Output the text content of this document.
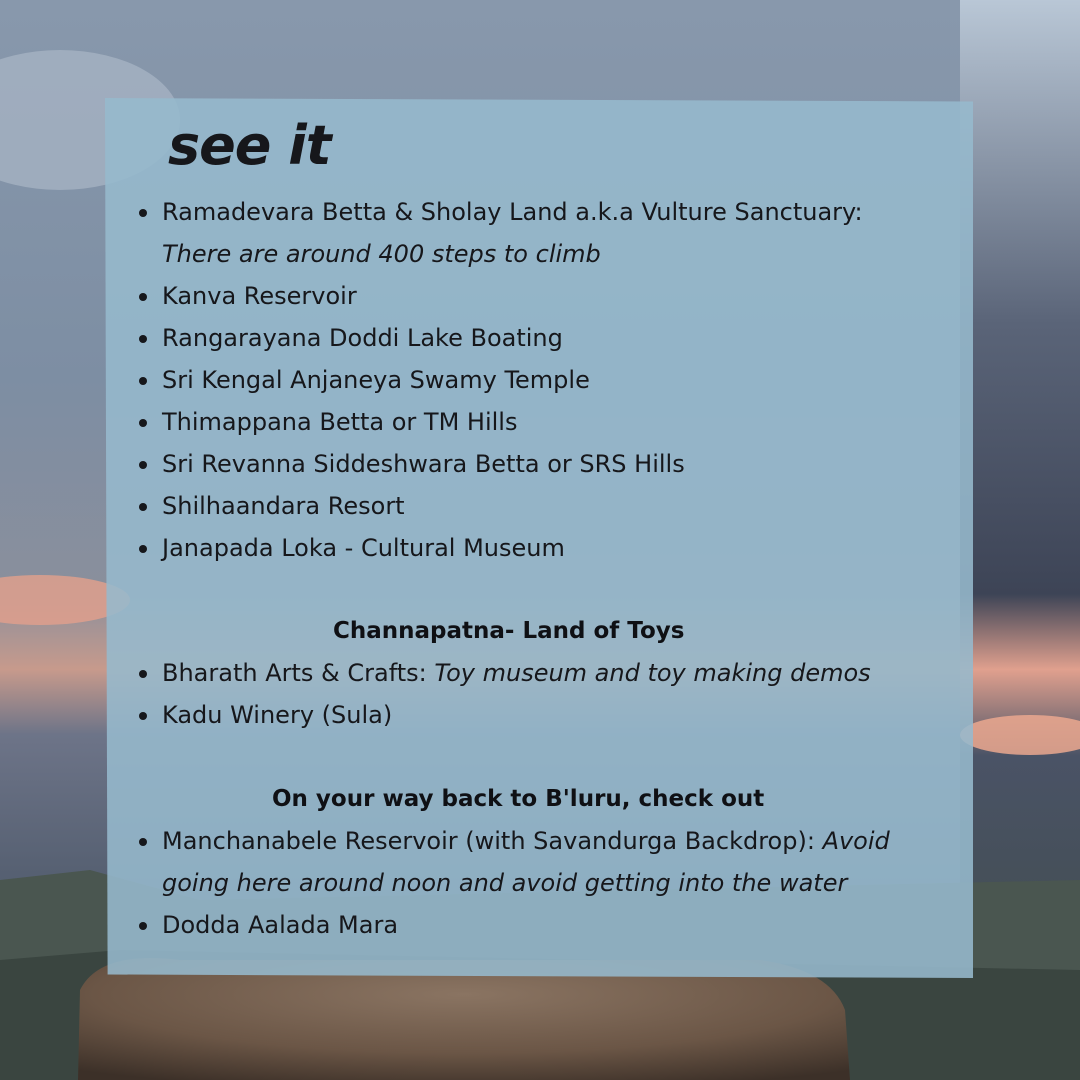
see it
Ramadevara Betta & Sholay Land a.k.a Vulture Sanctuary:
There are around 400 steps to climb
Kanva Reservoir
Rangarayana Doddi Lake Boating
Sri Kengal Anjaneya Swamy Temple
Thimappana Betta or TM Hills
Sri Revanna Siddeshwara Betta or SRS Hills
Shilhaandara Resort
Janapada Loka - Cultural Museum
Channapatna- Land of Toys
Bharath Arts & Crafts: Toy museum and toy making demos
Kadu Winery (Sula)
On your way back to B'luru, check out
Manchanabele Reservoir (with Savandurga Backdrop): Avoid
going here around noon and avoid getting into the water
Dodda Aalada Mara
